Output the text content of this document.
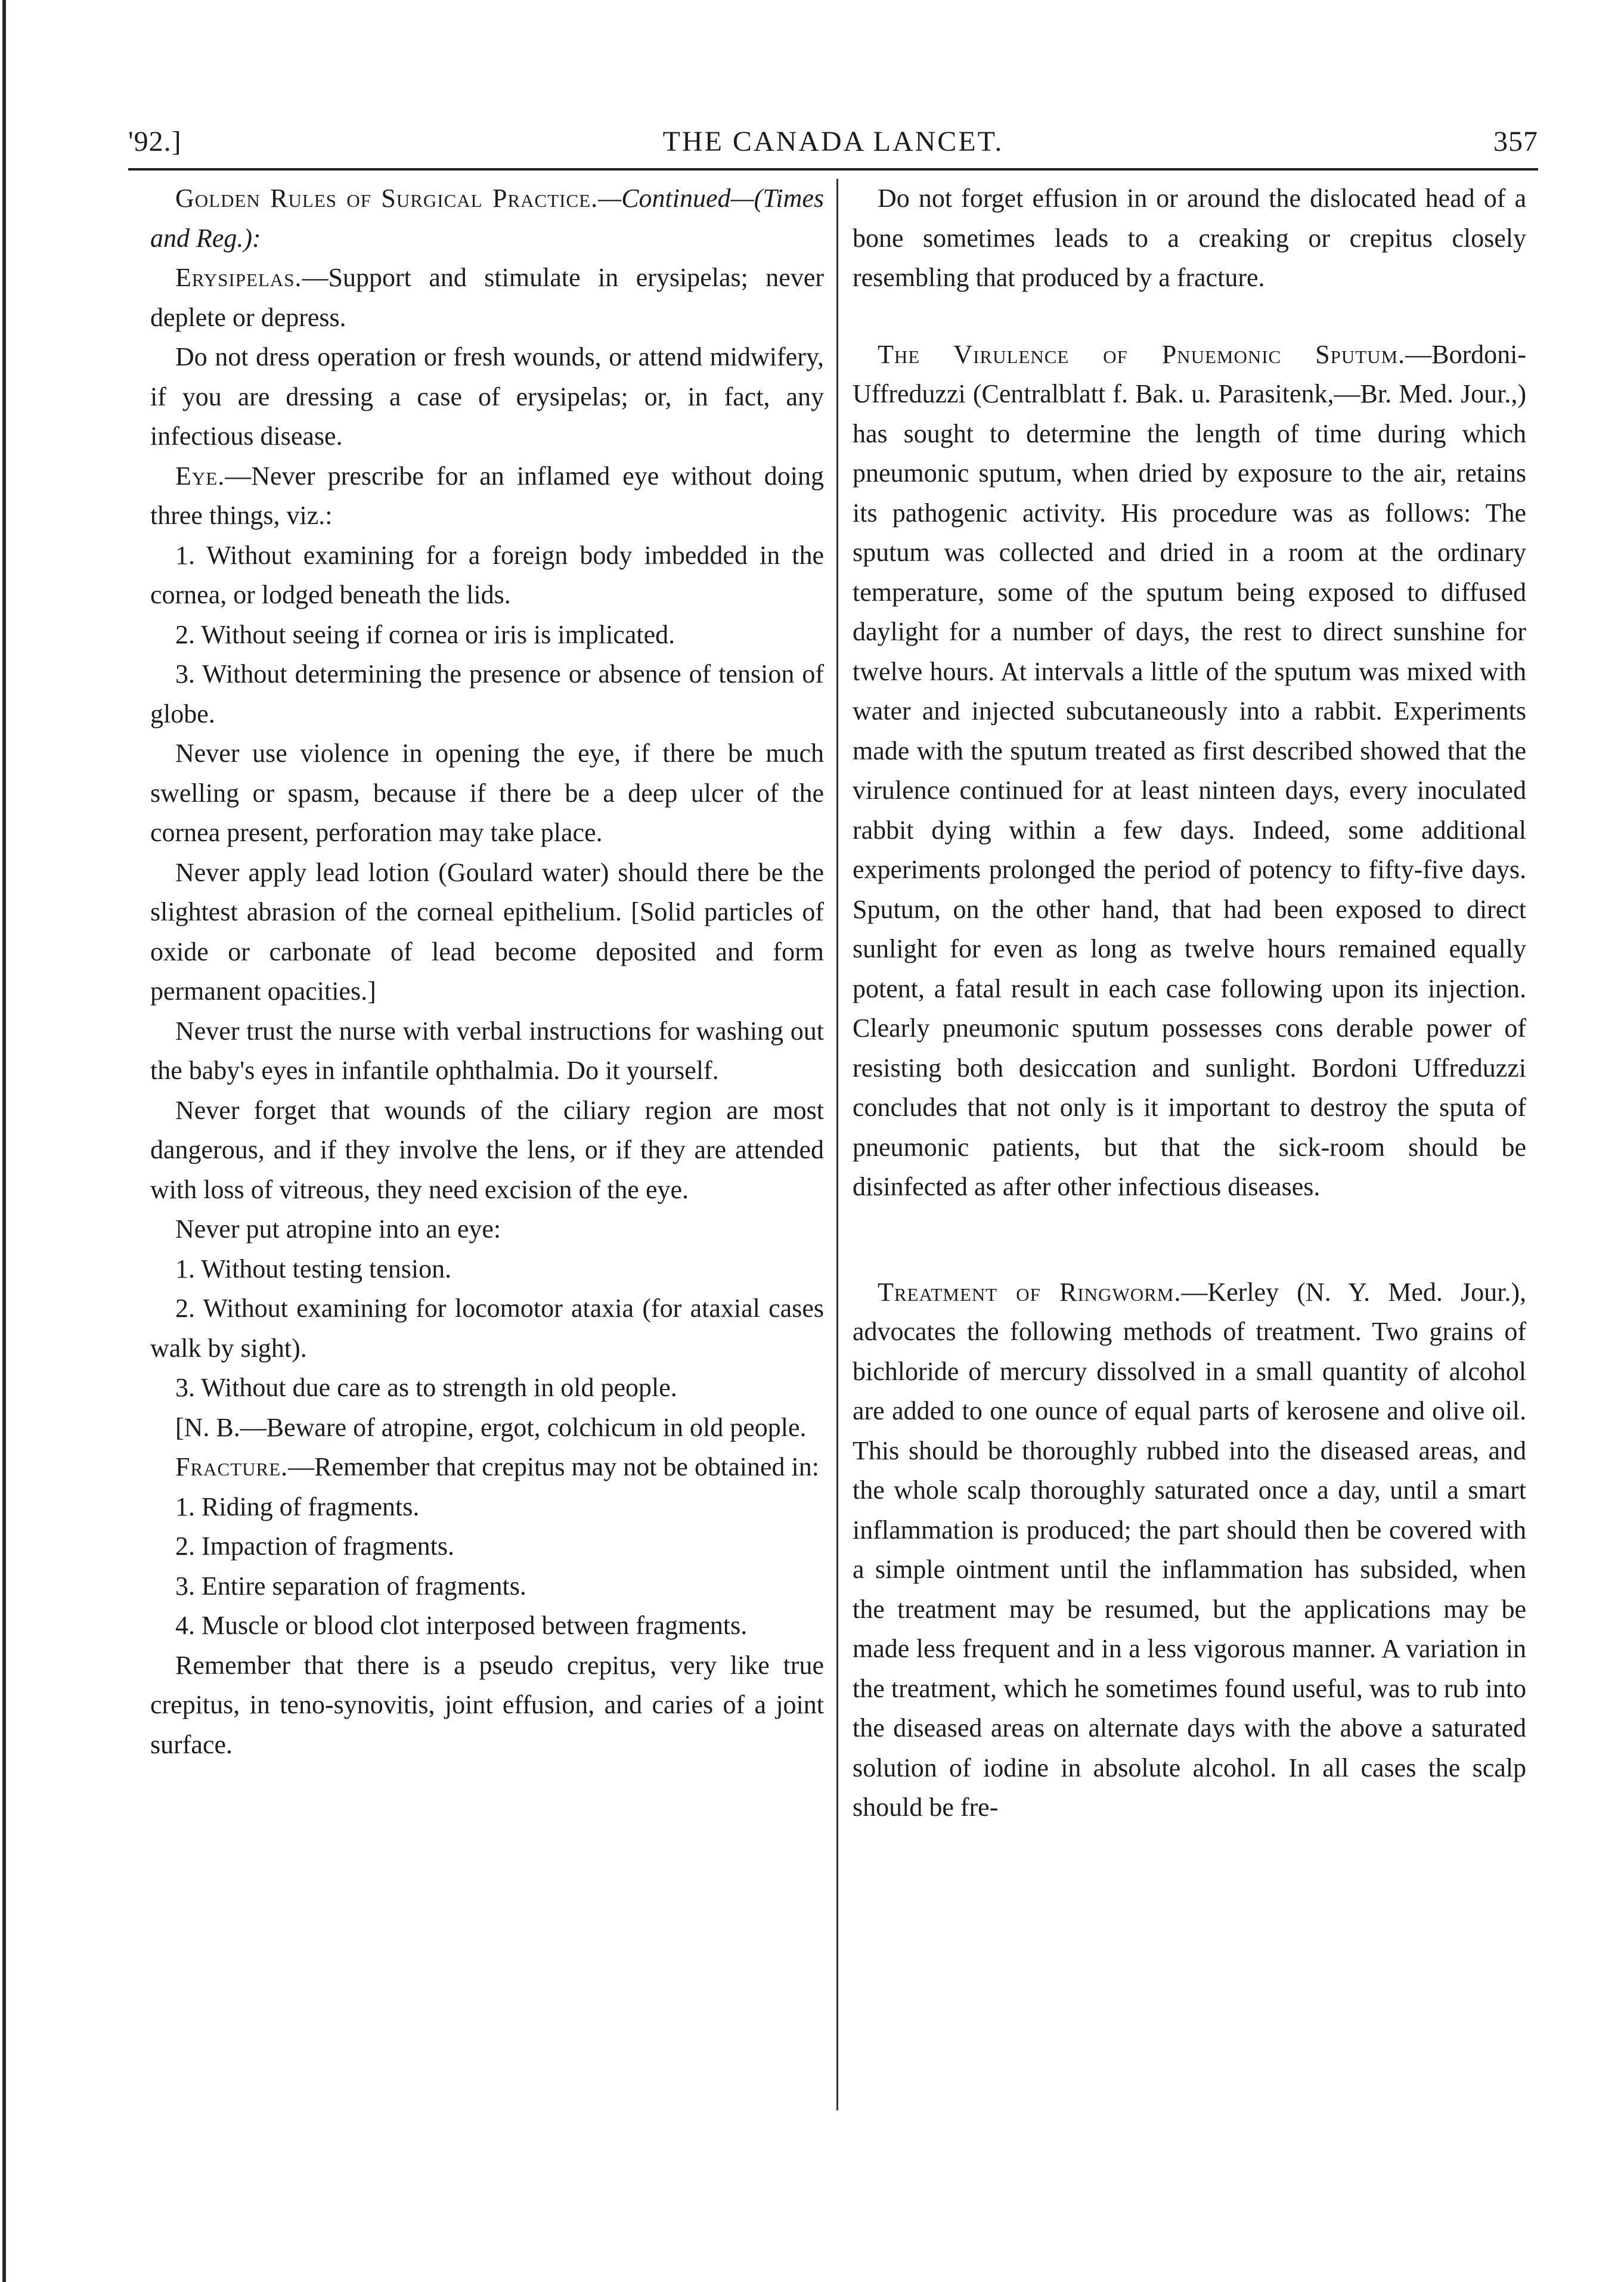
'92.]	THE CANADA LANCET.	357

Golden Rules of Surgical Practice.—Continued—(Times and Reg.):

Erysipelas.—Support and stimulate in erysipelas; never deplete or depress.

Do not dress operation or fresh wounds, or attend midwifery, if you are dressing a case of erysipelas; or, in fact, any infectious disease.

Eye.—Never prescribe for an inflamed eye without doing three things, viz.:

1. Without examining for a foreign body imbedded in the cornea, or lodged beneath the lids.

2. Without seeing if cornea or iris is implicated.

3. Without determining the presence or absence of tension of globe.

Never use violence in opening the eye, if there be much swelling or spasm, because if there be a deep ulcer of the cornea present, perforation may take place.

Never apply lead lotion (Goulard water) should there be the slightest abrasion of the corneal epithelium. [Solid particles of oxide or carbonate of lead become deposited and form permanent opacities.]

Never trust the nurse with verbal instructions for washing out the baby's eyes in infantile ophthalmia. Do it yourself.

Never forget that wounds of the ciliary region are most dangerous, and if they involve the lens, or if they are attended with loss of vitreous, they need excision of the eye.

Never put atropine into an eye:

1. Without testing tension.

2. Without examining for locomotor ataxia (for ataxial cases walk by sight).

3. Without due care as to strength in old people.

[N. B.—Beware of atropine, ergot, colchicum in old people.

Fracture.—Remember that crepitus may not be obtained in:

1. Riding of fragments.

2. Impaction of fragments.

3. Entire separation of fragments.

4. Muscle or blood clot interposed between fragments.

Remember that there is a pseudo crepitus, very like true crepitus, in teno-synovitis, joint effusion, and caries of a joint surface.

Do not forget effusion in or around the dislocated head of a bone sometimes leads to a creaking or crepitus closely resembling that produced by a fracture.

The Virulence of Pnuemonic Sputum.—Bordoni-Uffreduzzi (Centralblatt f. Bak. u. Parasitenk,—Br. Med. Jour.,) has sought to determine the length of time during which pneumonic sputum, when dried by exposure to the air, retains its pathogenic activity. His procedure was as follows: The sputum was collected and dried in a room at the ordinary temperature, some of the sputum being exposed to diffused daylight for a number of days, the rest to direct sunshine for twelve hours. At intervals a little of the sputum was mixed with water and injected subcutaneously into a rabbit. Experiments made with the sputum treated as first described showed that the virulence continued for at least ninteen days, every inoculated rabbit dying within a few days. Indeed, some additional experiments prolonged the period of potency to fifty-five days. Sputum, on the other hand, that had been exposed to direct sunlight for even as long as twelve hours remained equally potent, a fatal result in each case following upon its injection. Clearly pneumonic sputum possesses cons derable power of resisting both desiccation and sunlight. Bordoni Uffreduzzi concludes that not only is it important to destroy the sputa of pneumonic patients, but that the sick-room should be disinfected as after other infectious diseases.

Treatment of Ringworm.—Kerley (N. Y. Med. Jour.), advocates the following methods of treatment. Two grains of bichloride of mercury dissolved in a small quantity of alcohol are added to one ounce of equal parts of kerosene and olive oil. This should be thoroughly rubbed into the diseased areas, and the whole scalp thoroughly saturated once a day, until a smart inflammation is produced; the part should then be covered with a simple ointment until the inflammation has subsided, when the treatment may be resumed, but the applications may be made less frequent and in a less vigorous manner. A variation in the treatment, which he sometimes found useful, was to rub into the diseased areas on alternate days with the above a saturated solution of iodine in absolute alcohol. In all cases the scalp should be fre-
